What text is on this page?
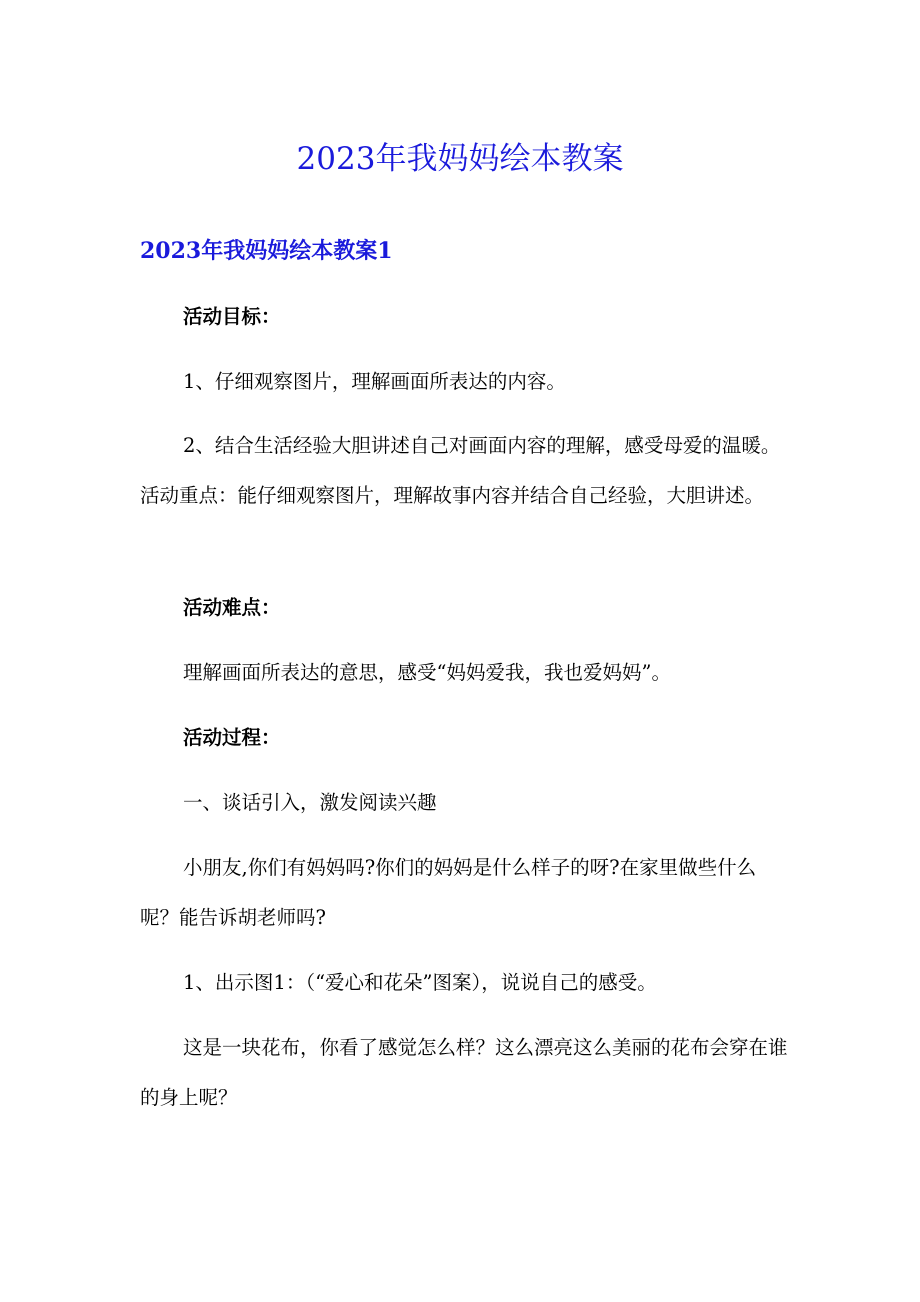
2023年我妈妈绘本教案
2023年我妈妈绘本教案1

活动目标：

1、仔细观察图片，理解画面所表达的内容。

2、结合生活经验大胆讲述自己对画面内容的理解，感受母爱的温暖。活动重点：能仔细观察图片，理解故事内容并结合自己经验，大胆讲述。

活动难点：

理解画面所表达的意思，感受“妈妈爱我，我也爱妈妈”。

活动过程：

一、谈话引入，激发阅读兴趣

小朋友,你们有妈妈吗?你们的妈妈是什么样子的呀?在家里做些什么呢？能告诉胡老师吗?

1、出示图1：（“爱心和花朵”图案），说说自己的感受。

这是一块花布，你看了感觉怎么样？这么漂亮这么美丽的花布会穿在谁的身上呢？
